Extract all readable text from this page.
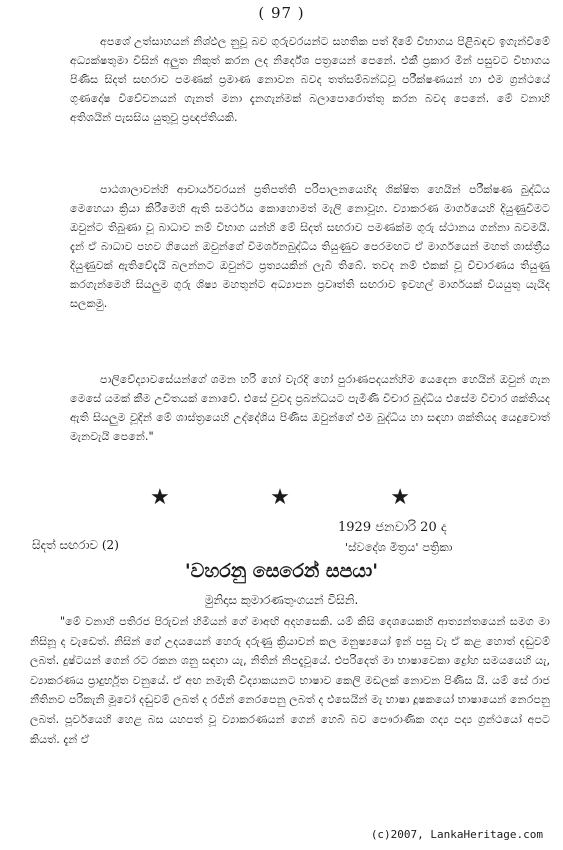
( 97 )

අපශේ උත්සාහයන් නිශ්ඵල නුවූ බව ගුරුවරයන්ට සහතික පත් දීමේ විභාගය පිළිබඳව ඉගැන්වීමේ අධ්‍යක්ෂතුමා විසින් අලුත නිකුත් කරන ලද නිර්දේශ පත්‍රයෙන් පෙනේ. එකී ප්‍රකාර මින් පසුවට විභාගය පිණිස සිදත් සඟරාව පමණක් ප්‍රමාණ නොවන බවද තත්සම්බන්ධවූ පරීක්ෂණයන් හා එම ග්‍රන්ථයේ ගුණදෝෂ විවේචනයන් ගැනත් මනා දැනගැන්මක් බලාපොරොත්තු කරන බවද පෙනේ. මේ වනාහි අතිශයින් පැසසිය යුතුවූ ප්‍රඥප්තියකි.

පාඨශාලාවන්හි ආචාර්යවරයන් ප්‍රතිපත්ති පරිපාලනයෙහිද ශික්ෂිත හෙයින් පරීක්ෂණ බුද්ධිය මෙහෙයා ක්‍රියා කිරීමෙහි ඇති සමර්ථය කොහොමත් මැලි නොවූහ. ව්‍යාකරණ මාර්ගයෙහි දියුණුවීමට ඔවුන්ට තිබුණා වූ බාධාව නම් විභාග යන්හි මේ සිදත් සඟරාව පමණක්ම ගුරු ස්ථානය ගන්නා බවමයි. දැන් ඒ බාධාව පහව ගියෙන් ඔවුන්ගේ විමර්ශනබුද්ධිය තියුණුව පෙරමඟට ඒ මාර්ගයෙන් මහත් ශාස්ත්‍රීය දියුණුවක් ඇතිවේදැයි බලන්නට ඔවුන්ට ප්‍රත්‍යයකින් ලැබී තිබේ. තවද නම් එකක් වූ විචාරණය තියුණු කරගැන්මෙහි සියලුම ගුරු ශිෂ්‍ය මහතුන්ට අධ්‍යාපන ප්‍රවෘත්ති සඟරාව ඉවහල් මාර්ගයක් වියයුතු යැයිද සලකමු.

පාලිවේද්‍යාවසේයන්ගේ ශමන හරි හෝ වැරදි හෝ පුරාණපදයන්හිම යෙදෙන හෙයින් ඔවුන් ගැන මෙසේ යමක් කීම උචිතයක් නොවේ. එසේ වුවද ප්‍රබන්ධයට පැමිණි විචාර බුද්ධිය එසේම විචාර ශක්තියද ඇති සියලුම වූදින් මේ ශාස්ත්‍රයෙහි උද්දේශිය පිණිස ඔවුන්ගේ එම බුද්ධිය හා සඳහා ශක්තියද යෙදුවොත් මැනවැයි පෙනේ."

★	★	★
සිදත් සඟරාව (2)
1929 ජනවාරි 20 ද
'ස්වදේශ මිත්‍රය' පත්‍රිකා
'වහරනු සෙරෙන් සපයා'
මුනිදාස කුමාරණතුංගයන් විසිනි.

"මේ වනාහි පතිරජ පිරුවන් හිමියන් ගේ මාඅඟි අදහසෙකි. යම් කිසි දෙශයෙකහි ආත්‍යන්තයෙන් සමග මා නිසිනූ ද වැඩෙත්. නිසින් ගේ උදයයෙන් හෙරු දරුණු ක්‍රියාවන් කල මනුෂ්‍යයෝ ඉන් පසු වැ ඒ කළ හොත් දඬුවම් ලබත්. දුෂ්ටයන් ගෙන් රට රකන ශනු සඳහා යැ, නිතින් නිපදැවූයේ. එපරිදෙත් මා භාෂාවෙකා ද්‍රෝහ සමයයෙහි යැ, ව්‍යාකරණය ප්‍රාදුර්භූත වනුයේ. ඒ අඟ නමැති විද්‍යාකයනට භාෂාව කෙලි මඩලක් නොවන පිණිස යි. යම් සේ රාජ නීතිනව පරිකැනි මූවෝ දඬුවම් ලබත් ද රජින් නෙරපෙනු ලබත් ද එසෙයින් මැ භාෂා දූෂකයෝ භාෂායෙන් නෙරපනු ලබත්. පූර්වයෙහි හෙළ බස යහපත් වූ ව්‍යාකරණයන් ගෙන් හෙබි බව පෞරාණික ගද්‍ය පද්‍ය ග්‍රන්ථයෝ අපට කියත්. දැන් ඒ

(c)2007, LankaHeritage.com
